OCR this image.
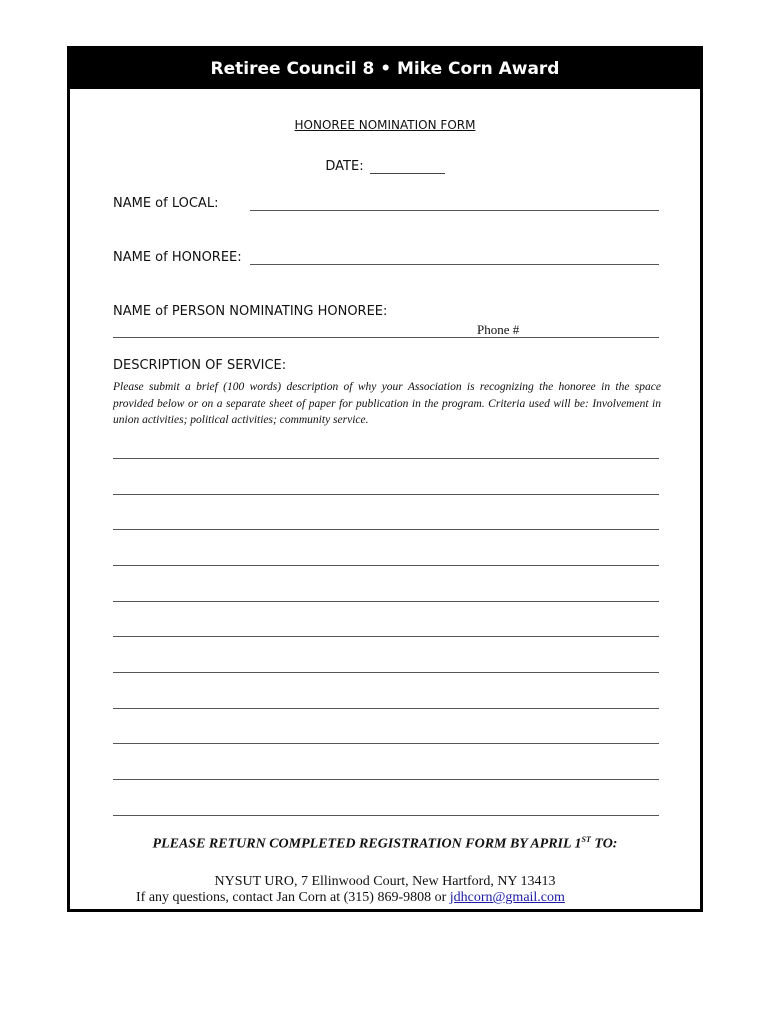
Retiree Council 8 • Mike Corn Award
HONOREE NOMINATION FORM
DATE:
NAME of LOCAL:
NAME of HONOREE:
NAME of PERSON NOMINATING HONOREE:
Phone #
DESCRIPTION OF SERVICE:
Please submit a brief (100 words) description of why your Association is recognizing the honoree in the space provided below or on a separate sheet of paper for publication in the program. Criteria used will be: Involvement in union activities; political activities; community service.
PLEASE RETURN COMPLETED REGISTRATION FORM BY APRIL 1ST TO:
NYSUT URO, 7 Ellinwood Court, New Hartford, NY 13413
If any questions, contact Jan Corn at (315) 869-9808 or jdhcorn@gmail.com
